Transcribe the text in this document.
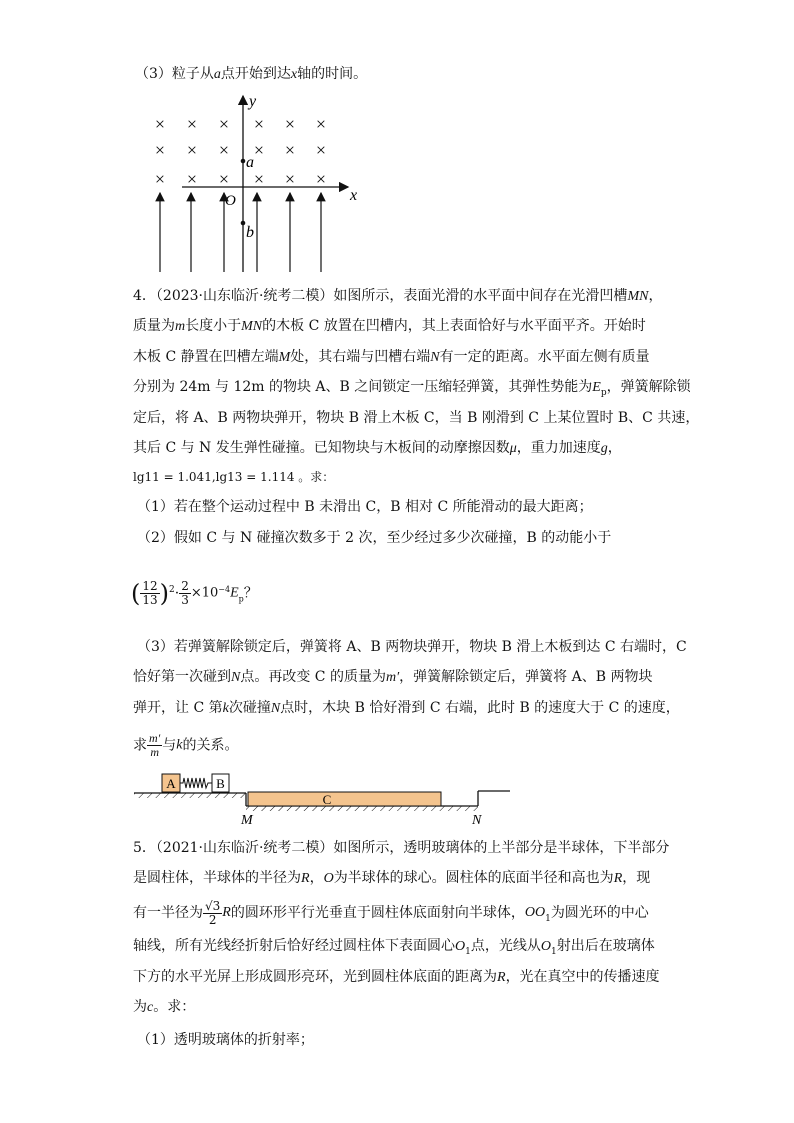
（3）粒子从a点开始到达x轴的时间。
× × × × × ×
× × × × × ×
× × × × × ×
x
y
O
a
b
4．（2023·山东临沂·统考二模）如图所示，表面光滑的水平面中间存在光滑凹槽MN，
质量为m长度小于MN的木板 C 放置在凹槽内，其上表面恰好与水平面平齐。开始时
木板 C 静置在凹槽左端M处，其右端与凹槽右端N有一定的距离。水平面左侧有质量
分别为 24m 与 12m 的物块 A、B 之间锁定一压缩轻弹簧，其弹性势能为$E_p$，弹簧解除锁
定后，将 A、B 两物块弹开，物块 B 滑上木板 C，当 B 刚滑到 C 上某位置时 B、C 共速，
其后 C 与 N 发生弹性碰撞。已知物块与木板间的动摩擦因数μ，重力加速度g，
lg11 = 1.041,lg13 = 1.114 。求：
（1）若在整个运动过程中 B 未滑出 C，B 相对 C 所能滑动的最大距离；
（2）假如 C 与 N 碰撞次数多于 2 次，至少经过多少次碰撞，B 的动能小于
( $\frac{12}{13} )^2\cdot \frac{2}{3} \times 10^{-4}E_p$？
（3）若弹簧解除锁定后，弹簧将 A、B 两物块弹开，物块 B 滑上木板到达 C 右端时，C
恰好第一次碰到N点。再改变 C 的质量为m′，弹簧解除锁定后，弹簧将 A、B 两物块
弹开，让 C 第k次碰撞N点时，木块 B 恰好滑到 C 右端，此时 B 的速度大于 C 的速度，
求 $\frac{m'}{m}$ 与k的关系。
C
A	B
M	N
5．（2021·山东临沂·统考二模）如图所示，透明玻璃体的上半部分是半球体，下半部分
是圆柱体，半球体的半径为R，O为半球体的球心。圆柱体的底面半径和高也为R，现
有一半径为 $\frac{√3}{2}$ R的圆环形平行光垂直于圆柱体底面射向半球体，$OO_1$为圆光环的中心
轴线，所有光线经折射后恰好经过圆柱体下表面圆心$O_1$点，光线从$O_1$射出后在玻璃体
下方的水平光屏上形成圆形亮环，光到圆柱体底面的距离为R，光在真空中的传播速度
为c。求：
（1）透明玻璃体的折射率；
